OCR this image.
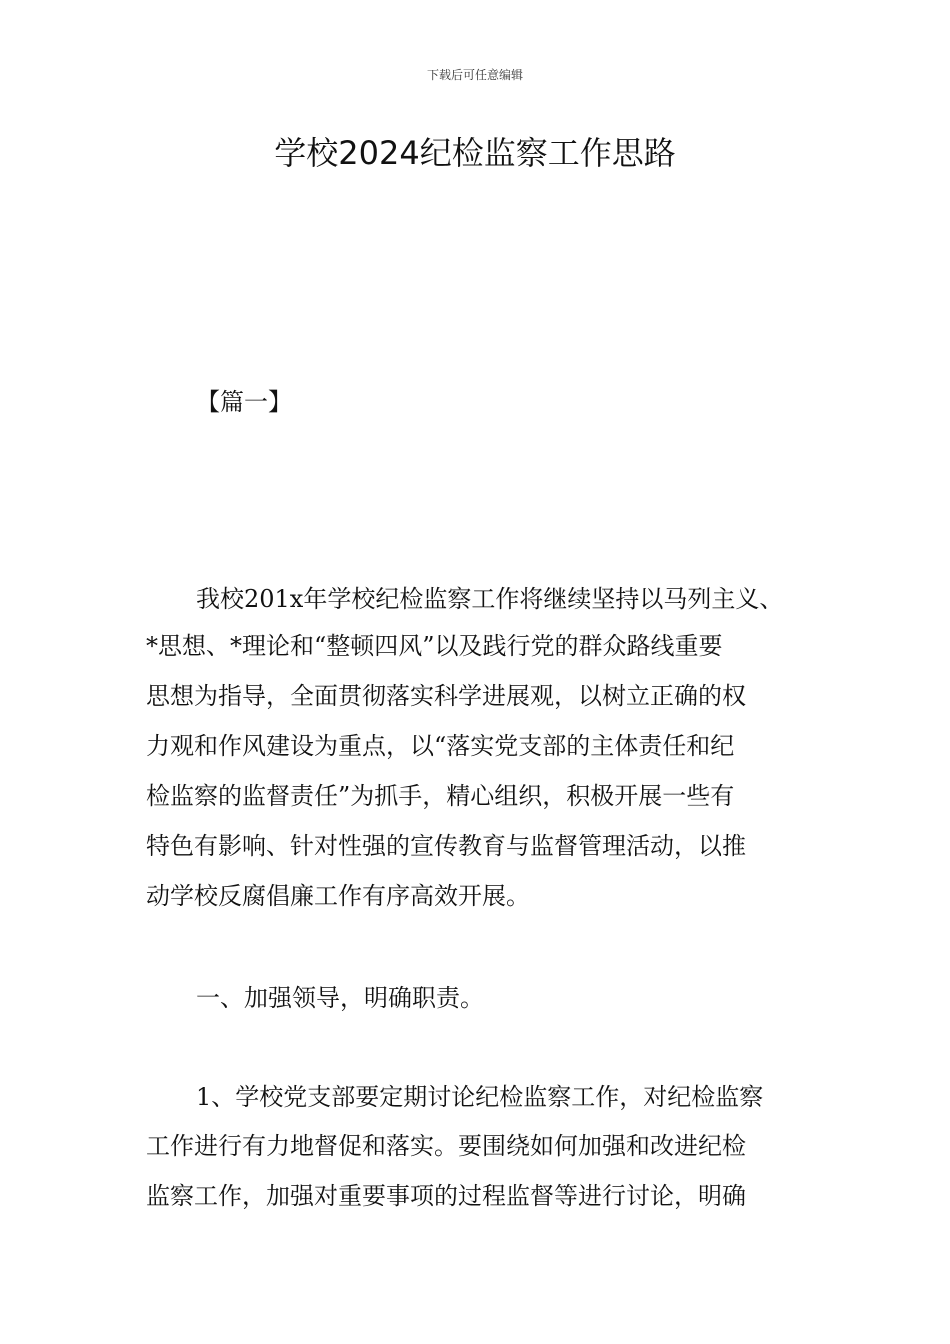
下载后可任意编辑
学校2024纪检监察工作思路
【篇一】
我校201x年学校纪检监察工作将继续坚持以马列主义、
*思想、*理论和“整顿四风”以及践行党的群众路线重要
思想为指导，全面贯彻落实科学进展观，以树立正确的权
力观和作风建设为重点，以“落实党支部的主体责任和纪
检监察的监督责任”为抓手，精心组织，积极开展一些有
特色有影响、针对性强的宣传教育与监督管理活动，以推
动学校反腐倡廉工作有序高效开展。
一、加强领导，明确职责。
1、学校党支部要定期讨论纪检监察工作，对纪检监察
工作进行有力地督促和落实。要围绕如何加强和改进纪检
监察工作，加强对重要事项的过程监督等进行讨论，明确
